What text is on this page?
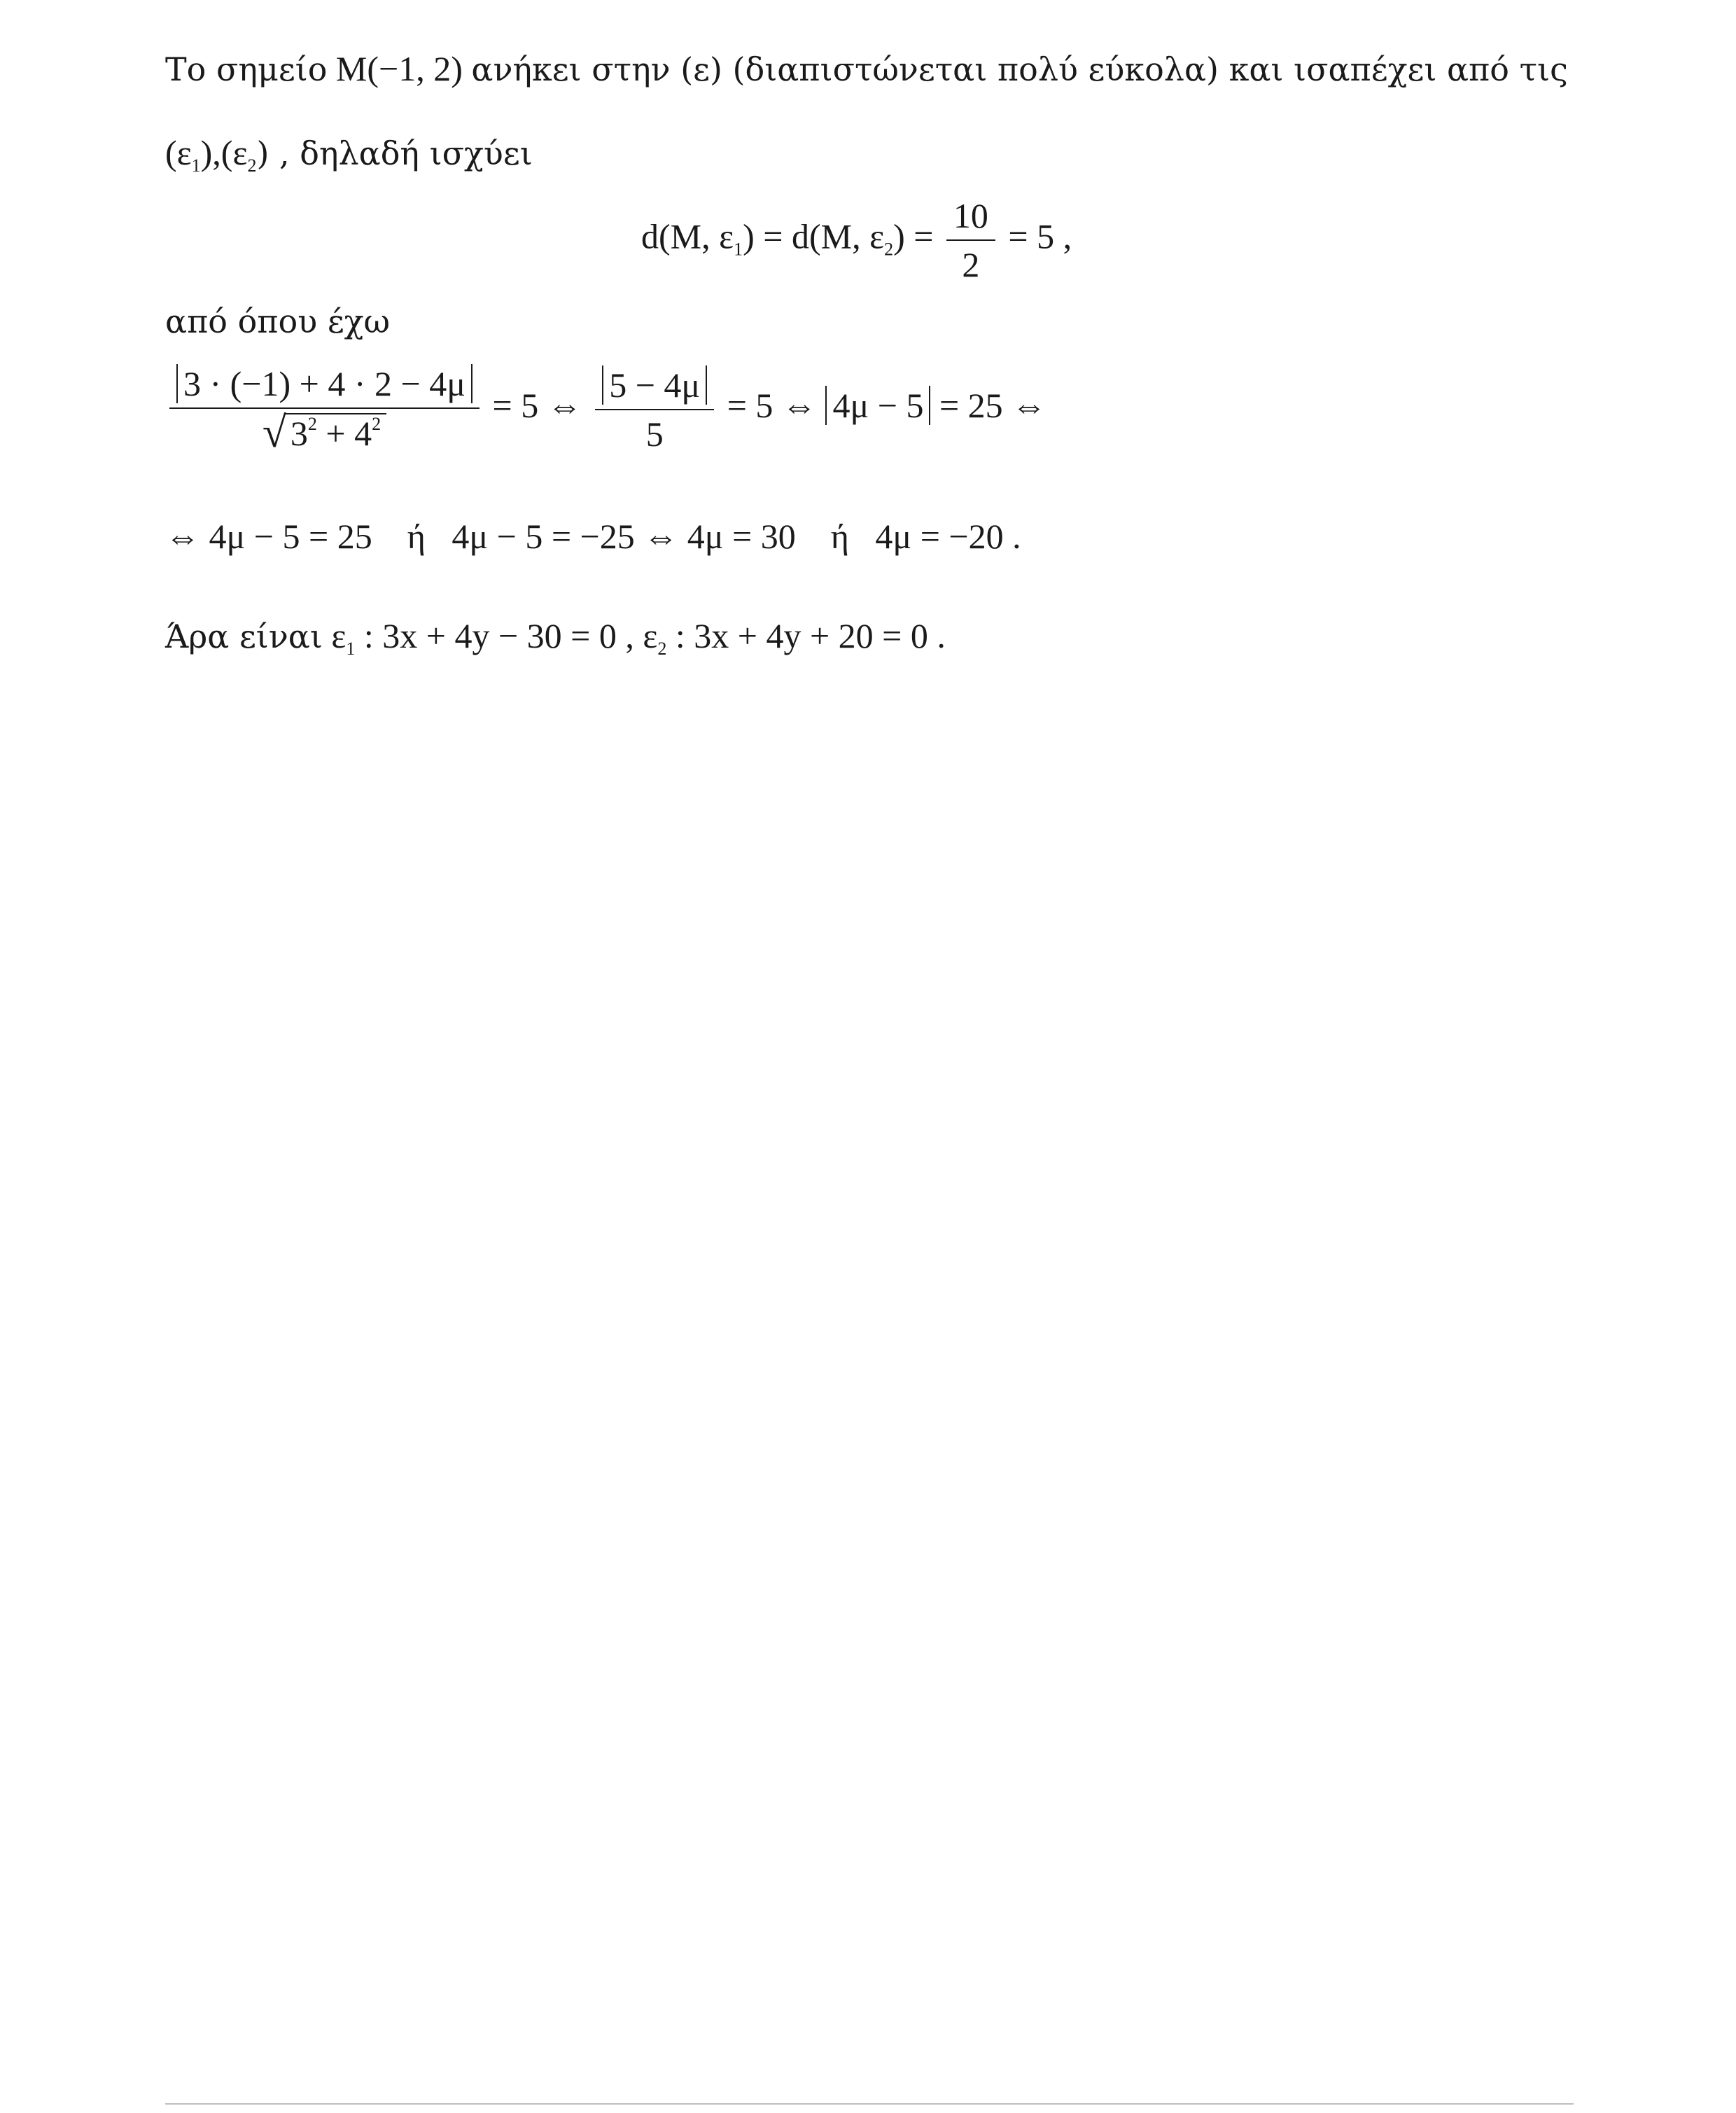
Το σημείο Μ(−1, 2) ανήκει στην (ε) (διαπιστώνεται πολύ εύκολα) και ισαπέχει από τις
$(\varepsilon_1),(\varepsilon_2)$ , δηλαδή ισχύει
d(Μ, $\varepsilon_1) = d(M$, $\varepsilon_2) = \frac{10}{2} = 5$ ,
από όπου έχω
$\frac{3 \cdot (-1) + 4 \cdot 2 - 4\mu}{√ 3^2 + 4^2} = 5$ ⇔ $\frac{5 - 4\mu}{5} = 5$ ⇔ 4μ − 5 = 25 ⇔
⇔ 4μ − 5 = 25    ή   4μ − 5 = −25 ⇔ 4μ = 30    ή   4μ = −20 .
Άρα είναι $\varepsilon_1$ : 3x + 4y − 30 = 0 , $\varepsilon_2$ : 3x + 4y + 20 = 0 .
